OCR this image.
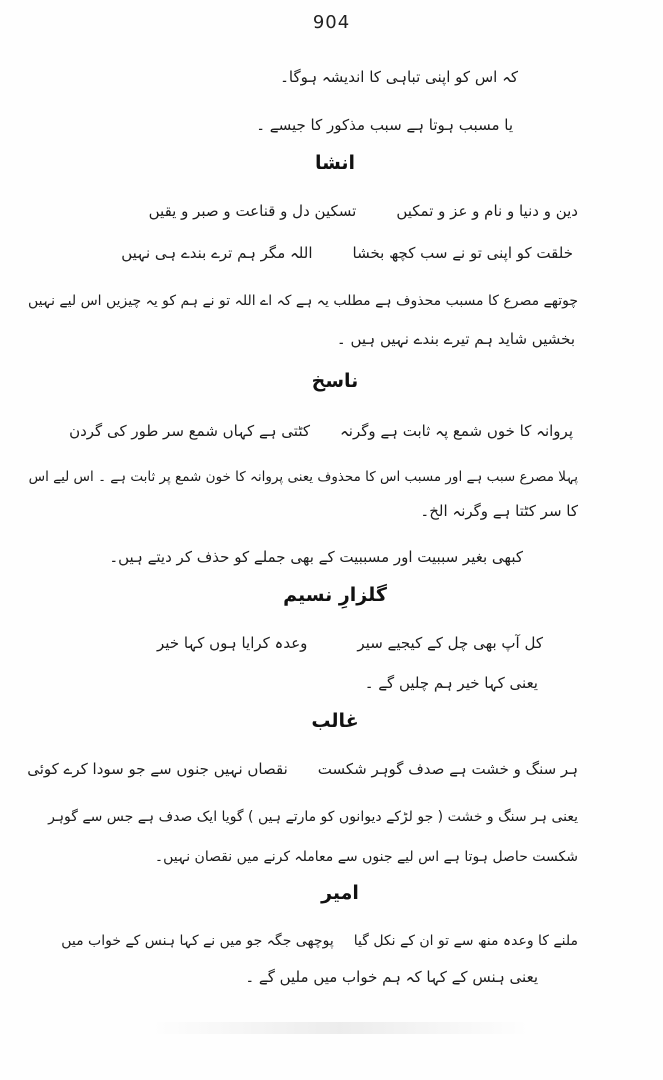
904
کہ اس کو اپنی تباہی کا اندیشہ ہوگا۔
یا مسبب ہوتا ہے سبب مذکور کا جیسے ۔
انشا
دین و دنیا و نام و عز و تمکیں
تسکین دل و قناعت و صبر و یقیں
خلقت کو اپنی تو نے سب کچھ بخشا
اللہ مگر ہم ترے بندے ہی نہیں
چوتھے مصرع کا مسبب محذوف ہے مطلب یہ ہے کہ اے اللہ تو نے ہم کو یہ چیزیں اس لیے نہیں
بخشیں شاید ہم تیرے بندے نہیں ہیں ۔
ناسخ
پروانہ کا خوں شمع پہ ثابت ہے وگرنہ
کٹتی ہے کہاں شمع سر طور کی گردن
پہلا مصرع سبب ہے اور مسبب اس کا محذوف یعنی پروانہ کا خون شمع پر ثابت ہے ۔ اس لیے اس
کا سر کٹتا ہے وگرنہ الخ۔
کبھی بغیر سببیت اور مسببیت کے بھی جملے کو حذف کر دیتے ہیں۔
گلزارِ نسیم
کل آپ بھی چل کے کیجیے سیر
وعدہ کرایا ہوں کہا خیر
یعنی کہا خیر ہم چلیں گے ۔
غالب
ہر سنگ و خشت ہے صدف گوہر شکست
نقصاں نہیں جنوں سے جو سودا کرے کوئی
یعنی ہر سنگ و خشت ( جو لڑکے دیوانوں کو مارتے ہیں ) گویا ایک صدف ہے جس سے گوہر
شکست حاصل ہوتا ہے اس لیے جنوں سے معاملہ کرنے میں نقصان نہیں۔
امیر
ملنے کا وعدہ منھ سے تو ان کے نکل گیا
پوچھی جگہ جو میں نے کہا ہنس کے خواب میں
یعنی ہنس کے کہا کہ ہم خواب میں ملیں گے ۔
